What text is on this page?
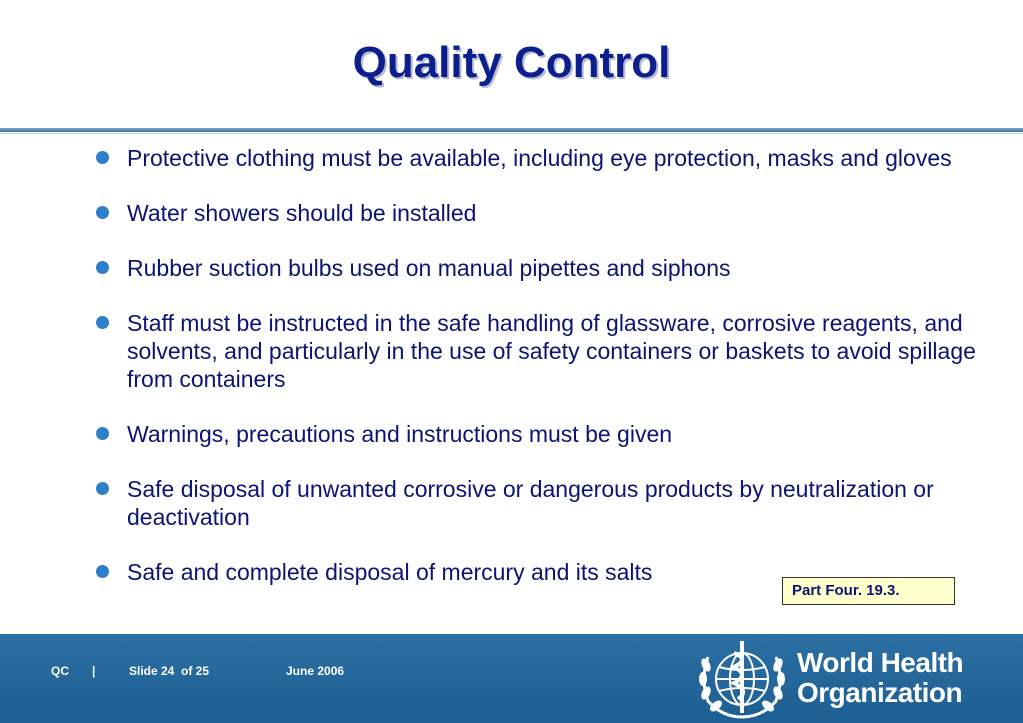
Quality Control
Protective clothing must be available, including eye protection, masks and gloves
Water showers should be installed
Rubber suction bulbs used on manual pipettes and siphons
Staff must be instructed in the safe handling of glassware, corrosive reagents, and solvents, and particularly in the use of safety containers or baskets to avoid spillage from containers
Warnings, precautions and instructions must be given
Safe disposal of unwanted corrosive or dangerous products by neutralization or deactivation
Safe and complete disposal of mercury and its salts
Part Four. 19.3.
QC |	Slide 24  of 25	June 2006	World Health
Organization
